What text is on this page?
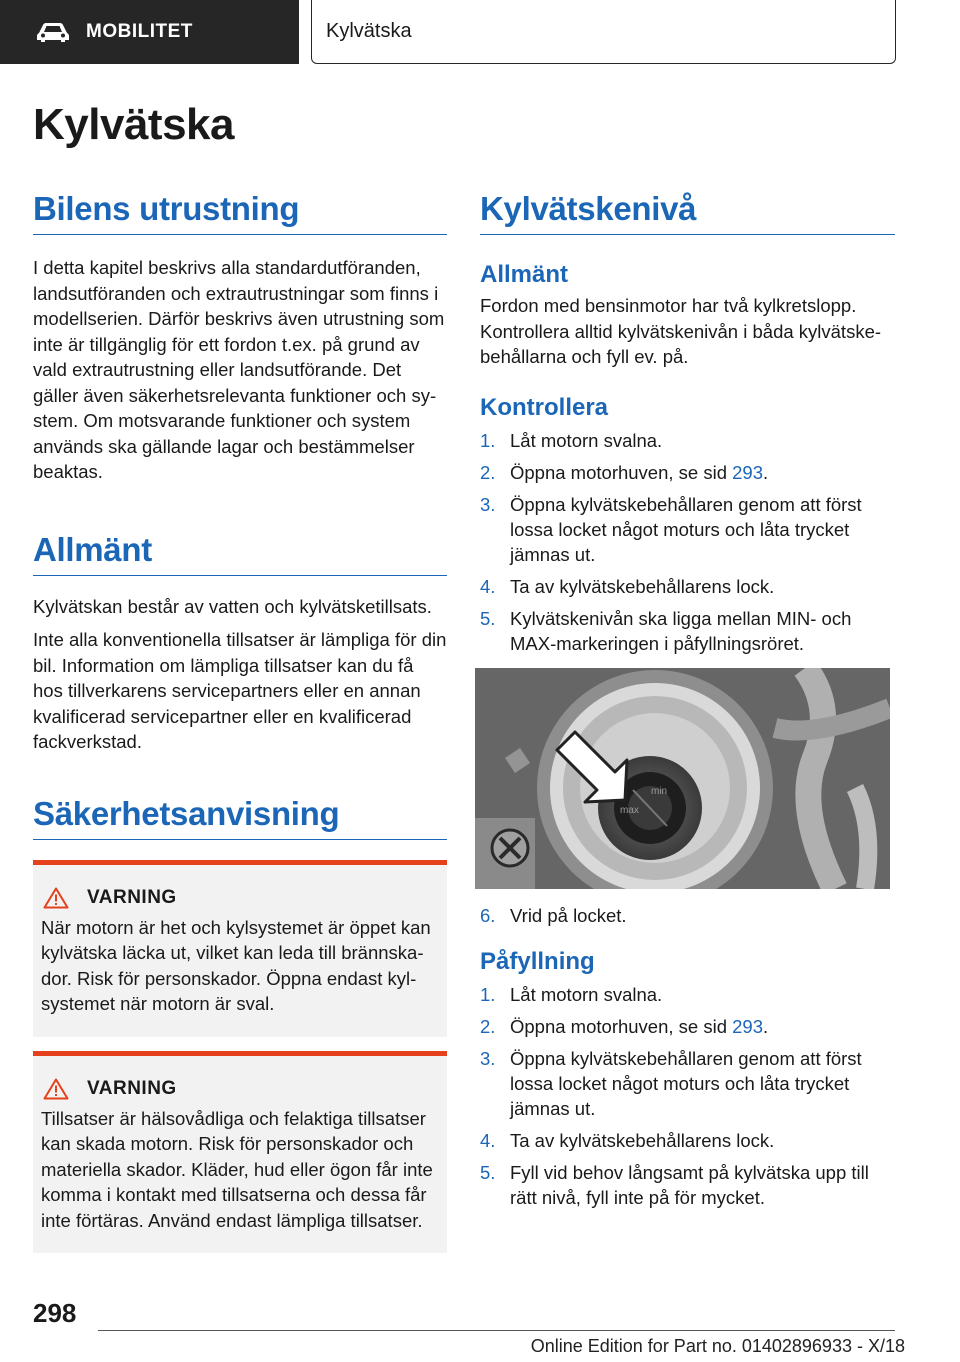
MOBILITET	Kylvätska
Kylvätska
Bilens utrustning

I detta kapitel beskrivs alla standardutföranden, landsutföranden och extrautrustningar som finns i modellserien. Därför beskrivs även utrustning som inte är tillgänglig för ett fordon t.ex. på grund av vald extrautrustning eller landsutförande. Det gäller även säkerhetsrelevanta funktioner och system. Om motsvarande funktioner och system används ska gällande lagar och bestämmelser beaktas.

Allmänt

Kylvätskan består av vatten och kylvätsketillsats.

Inte alla konventionella tillsatser är lämpliga för din bil. Information om lämpliga tillsatser kan du få hos tillverkarens servicepartners eller en annan kvalificerad servicepartner eller en kvalificerad fackverkstad.

Säkerhetsanvisning
VARNING

När motorn är het och kylsystemet är öppet kan kylvätska läcka ut, vilket kan leda till brännskador. Risk för personskador. Öppna endast kylsystemet när motorn är sval.

VARNING

Tillsatser är hälsovådliga och felaktiga tillsatser kan skada motorn. Risk för personskador och materiella skador. Kläder, hud eller ögon får inte komma i kontakt med tillsatserna och dessa får inte förtäras. Använd endast lämpliga tillsatser.

Kylvätskenivå
Allmänt

Fordon med bensinmotor har två kylkretslopp. Kontrollera alltid kylvätskenivån i båda kylvätskebehållarna och fyll ev. på.

Kontrollera
1. Låt motorn svalna.
2. Öppna motorhuven, se sid 293.
3. Öppna kylvätskebehållaren genom att först lossa locket något moturs och låta trycket jämnas ut.
4. Ta av kylvätskebehållarens lock.
5. Kylvätskenivån ska ligga mellan MIN- och MAX-markeringen i påfyllningsröret.
min
max
6. Vrid på locket.
Påfyllning
1. Låt motorn svalna.
2. Öppna motorhuven, se sid 293.
3. Öppna kylvätskebehållaren genom att först lossa locket något moturs och låta trycket jämnas ut.
4. Ta av kylvätskebehållarens lock.
5. Fyll vid behov långsamt på kylvätska upp till rätt nivå, fyll inte på för mycket.
298
Online Edition for Part no. 01402896933 - X/18
